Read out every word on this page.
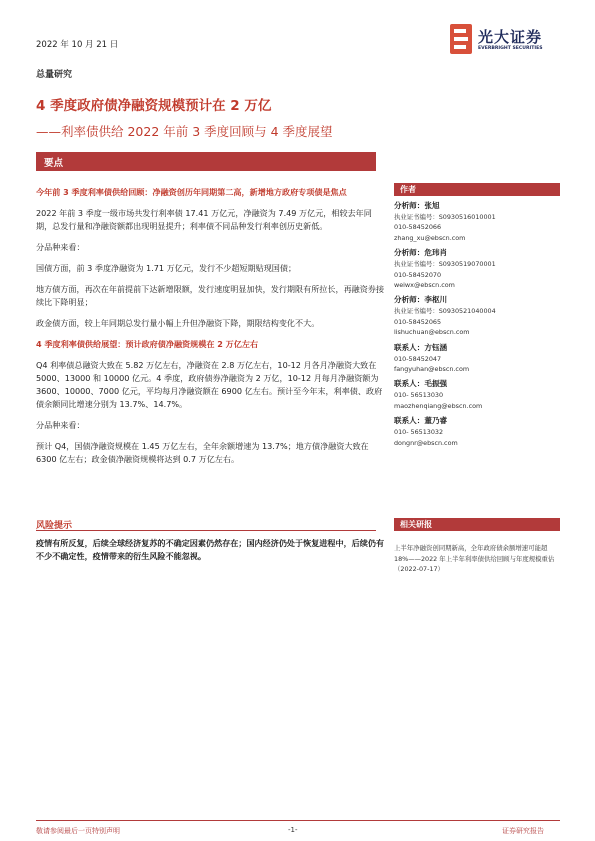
2022 年 10 月 21 日	光大证券
EVERBRIGHT SECURITIES
总量研究
4 季度政府债净融资规模预计在 2 万亿
——利率债供给 2022 年前 3 季度回顾与 4 季度展望
要点

今年前 3 季度利率债供给回顾：净融资创历年同期第二高，新增地方政府专项债是焦点

2022 年前 3 季度一级市场共发行利率债 17.41 万亿元，净融资为 7.49 万亿元，相较去年同期，总发行量和净融资额都出现明显提升；利率债不同品种发行利率创历史新低。

分品种来看：

国债方面，前 3 季度净融资为 1.71 万亿元，发行不少超短期贴现国债；

地方债方面，再次在年前提前下达新增限额，发行速度明显加快，发行期限有所拉长，再融资券接续比下降明显；

政金债方面，较上年同期总发行量小幅上升但净融资下降，期限结构变化不大。

4 季度利率债供给展望：预计政府债净融资规模在 2 万亿左右

Q4 利率债总融资大致在 5.82 万亿左右，净融资在 2.8 万亿左右，10-12 月各月净融资大致在 5000、13000 和 10000 亿元。4 季度，政府债券净融资为 2 万亿，10-12 月每月净融资额为 3600、10000、7000 亿元，平均每月净融资额在 6900 亿左右。预计至今年末，利率债、政府债余额同比增速分别为 13.7%、14.7%。

分品种来看：

预计 Q4，国债净融资规模在 1.45 万亿左右，全年余额增速为 13.7%；地方债净融资大致在 6300 亿左右；政金债净融资规模将达到 0.7 万亿左右。

作者
分析师：张旭
执业证书编号：S0930516010001
010-58452066
zhang_xu@ebscn.com
分析师：危玮肖
执业证书编号：S0930519070001
010-58452070
weiwx@ebscn.com
分析师：李枢川
执业证书编号：S0930521040004
010-58452065
lishuchuan@ebscn.com
联系人：方钰涵
010-58452047
fangyuhan@ebscn.com
联系人：毛振强
010- 56513030
maozhenqiang@ebscn.com
联系人：董乃睿
010- 56513032
dongnr@ebscn.com
风险提示
疫情有所反复，后续全球经济复苏的不确定因素仍然存在；国内经济仍处于恢复进程中，后续仍有不少不确定性，疫情带来的衍生风险不能忽视。
相关研报
上半年净融资创同期新高，全年政府债余额增速可能超 18%——2022 年上半年利率债供给回顾与年度规模重估（2022-07-17）
敬请参阅最后一页特别声明	-1-	证券研究报告
